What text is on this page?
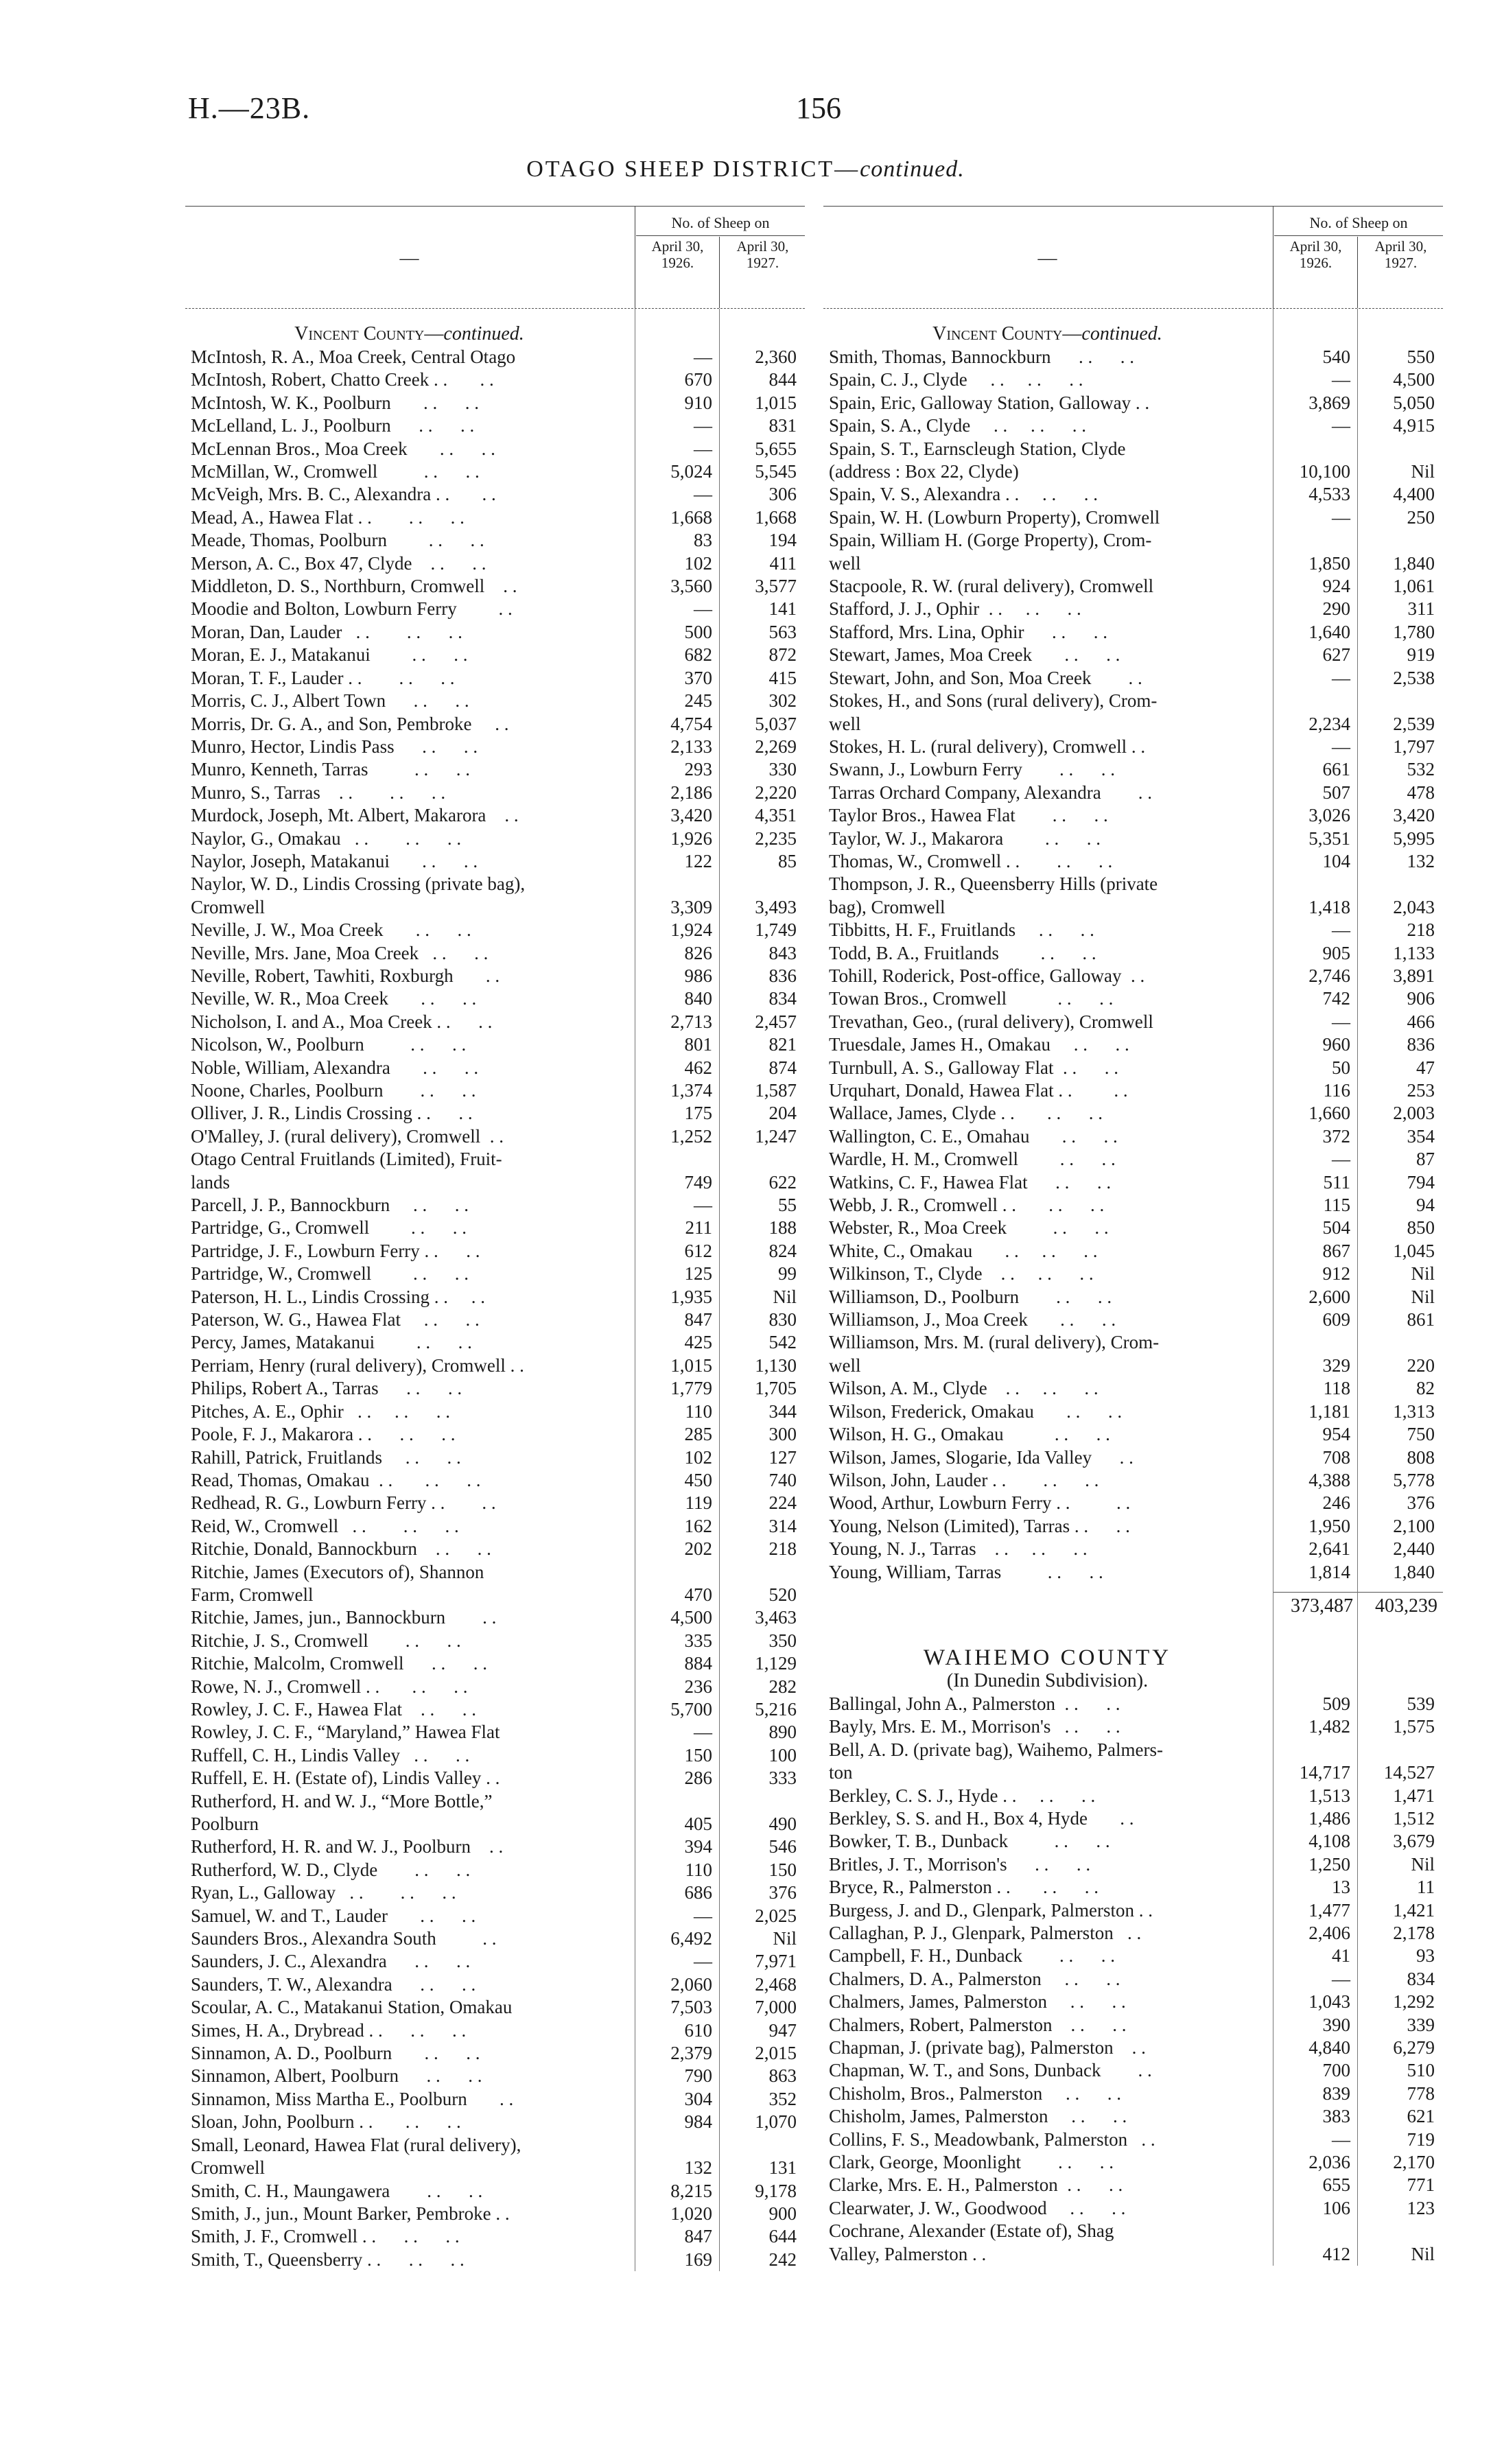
H.—23B.	156
OTAGO SHEEP DISTRICT—continued.
—
No. of Sheep on
April 30,
1926.
April 30,
1927.
Vincent County—continued.
McIntosh, R. A., Moa Creek, Central Otago	—	2,360
McIntosh, Robert, Chatto Creek . .       . .	670	844
McIntosh, W. K., Poolburn       . .      . .	910	1,015
McLelland, L. J., Poolburn      . .      . .	—	831
McLennan Bros., Moa Creek       . .      . .	—	5,655
McMillan, W., Cromwell          . .      . .	5,024	5,545
McVeigh, Mrs. B. C., Alexandra . .       . .	—	306
Mead, A., Hawea Flat . .        . .      . .	1,668	1,668
Meade, Thomas, Poolburn         . .      . .	83	194
Merson, A. C., Box 47, Clyde    . .      . .	102	411
Middleton, D. S., Northburn, Cromwell    . .	3,560	3,577
Moodie and Bolton, Lowburn Ferry         . .	—	141
Moran, Dan, Lauder   . .        . .      . .	500	563
Moran, E. J., Matakanui         . .      . .	682	872
Moran, T. F., Lauder . .        . .      . .	370	415
Morris, C. J., Albert Town      . .      . .	245	302
Morris, Dr. G. A., and Son, Pembroke     . .	4,754	5,037
Munro, Hector, Lindis Pass      . .      . .	2,133	2,269
Munro, Kenneth, Tarras          . .      . .	293	330
Munro, S., Tarras    . .        . .      . .	2,186	2,220
Murdock, Joseph, Mt. Albert, Makarora    . .	3,420	4,351
Naylor, G., Omakau   . .        . .      . .	1,926	2,235
Naylor, Joseph, Matakanui       . .      . .	122	85
Naylor, W. D., Lindis Crossing (private bag),
Cromwell	3,309	3,493
Neville, J. W., Moa Creek       . .      . .	1,924	1,749
Neville, Mrs. Jane, Moa Creek   . .      . .	826	843
Neville, Robert, Tawhiti, Roxburgh       . .	986	836
Neville, W. R., Moa Creek       . .      . .	840	834
Nicholson, I. and A., Moa Creek . .      . .	2,713	2,457
Nicolson, W., Poolburn          . .      . .	801	821
Noble, William, Alexandra       . .      . .	462	874
Noone, Charles, Poolburn        . .      . .	1,374	1,587
Olliver, J. R., Lindis Crossing . .      . .	175	204
O'Malley, J. (rural delivery), Cromwell  . .	1,252	1,247
Otago Central Fruitlands (Limited), Fruit-
lands	749	622
Parcell, J. P., Bannockburn     . .      . .	—	55
Partridge, G., Cromwell         . .      . .	211	188
Partridge, J. F., Lowburn Ferry . .      . .	612	824
Partridge, W., Cromwell         . .      . .	125	99
Paterson, H. L., Lindis Crossing . .     . .	1,935	Nil
Paterson, W. G., Hawea Flat     . .      . .	847	830
Percy, James, Matakanui         . .      . .	425	542
Perriam, Henry (rural delivery), Cromwell . .	1,015	1,130
Philips, Robert A., Tarras      . .      . .	1,779	1,705
Pitches, A. E., Ophir   . .     . .      . .	110	344
Poole, F. J., Makarora . .      . .      . .	285	300
Rahill, Patrick, Fruitlands     . .      . .	102	127
Read, Thomas, Omakau  . .       . .      . .	450	740
Redhead, R. G., Lowburn Ferry . .        . .	119	224
Reid, W., Cromwell   . .        . .      . .	162	314
Ritchie, Donald, Bannockburn    . .      . .	202	218
Ritchie, James (Executors of), Shannon
Farm, Cromwell	470	520
Ritchie, James, jun., Bannockburn        . .	4,500	3,463
Ritchie, J. S., Cromwell        . .      . .	335	350
Ritchie, Malcolm, Cromwell      . .      . .	884	1,129
Rowe, N. J., Cromwell . .       . .      . .	236	282
Rowley, J. C. F., Hawea Flat    . .      . .	5,700	5,216
Rowley, J. C. F., “Maryland,” Hawea Flat	—	890
Ruffell, C. H., Lindis Valley   . .      . .	150	100
Ruffell, E. H. (Estate of), Lindis Valley . .	286	333
Rutherford, H. and W. J., “More Bottle,”
Poolburn	405	490
Rutherford, H. R. and W. J., Poolburn    . .	394	546
Rutherford, W. D., Clyde        . .      . .	110	150
Ryan, L., Galloway   . .        . .      . .	686	376
Samuel, W. and T., Lauder       . .      . .	—	2,025
Saunders Bros., Alexandra South          . .	6,492	Nil
Saunders, J. C., Alexandra      . .      . .	—	7,971
Saunders, T. W., Alexandra      . .      . .	2,060	2,468
Scoular, A. C., Matakanui Station, Omakau	7,503	7,000
Simes, H. A., Drybread . .      . .      . .	610	947
Sinnamon, A. D., Poolburn       . .      . .	2,379	2,015
Sinnamon, Albert, Poolburn      . .      . .	790	863
Sinnamon, Miss Martha E., Poolburn       . .	304	352
Sloan, John, Poolburn . .       . .      . .	984	1,070
Small, Leonard, Hawea Flat (rural delivery),
Cromwell	132	131
Smith, C. H., Maungawera        . .      . .	8,215	9,178
Smith, J., jun., Mount Barker, Pembroke . .	1,020	900
Smith, J. F., Cromwell . .      . .      . .	847	644
Smith, T., Queensberry . .      . .      . .	169	242
—
No. of Sheep on
April 30,
1926.
April 30,
1927.
Vincent County—continued.
Smith, Thomas, Bannockburn      . .      . .	540	550
Spain, C. J., Clyde     . .     . .      . .	—	4,500
Spain, Eric, Galloway Station, Galloway . .	3,869	5,050
Spain, S. A., Clyde     . .     . .      . .	—	4,915
Spain, S. T., Earnscleugh Station, Clyde
(address : Box 22, Clyde)	10,100	Nil
Spain, V. S., Alexandra . .     . .      . .	4,533	4,400
Spain, W. H. (Lowburn Property), Cromwell	—	250
Spain, William H. (Gorge Property), Crom-
well	1,850	1,840
Stacpoole, R. W. (rural delivery), Cromwell	924	1,061
Stafford, J. J., Ophir  . .     . .      . .	290	311
Stafford, Mrs. Lina, Ophir      . .      . .	1,640	1,780
Stewart, James, Moa Creek       . .      . .	627	919
Stewart, John, and Son, Moa Creek        . .	—	2,538
Stokes, H., and Sons (rural delivery), Crom-
well	2,234	2,539
Stokes, H. L. (rural delivery), Cromwell . .	—	1,797
Swann, J., Lowburn Ferry        . .      . .	661	532
Tarras Orchard Company, Alexandra        . .	507	478
Taylor Bros., Hawea Flat        . .      . .	3,026	3,420
Taylor, W. J., Makarora         . .      . .	5,351	5,995
Thomas, W., Cromwell . .        . .      . .	104	132
Thompson, J. R., Queensberry Hills (private
bag), Cromwell	1,418	2,043
Tibbitts, H. F., Fruitlands     . .      . .	—	218
Todd, B. A., Fruitlands         . .      . .	905	1,133
Tohill, Roderick, Post-office, Galloway  . .	2,746	3,891
Towan Bros., Cromwell           . .      . .	742	906
Trevathan, Geo., (rural delivery), Cromwell	—	466
Truesdale, James H., Omakau     . .      . .	960	836
Turnbull, A. S., Galloway Flat  . .      . .	50	47
Urquhart, Donald, Hawea Flat . .         . .	116	253
Wallace, James, Clyde . .       . .      . .	1,660	2,003
Wallington, C. E., Omahau       . .      . .	372	354
Wardle, H. M., Cromwell         . .      . .	—	87
Watkins, C. F., Hawea Flat      . .      . .	511	794
Webb, J. R., Cromwell . .       . .      . .	115	94
Webster, R., Moa Creek          . .      . .	504	850
White, C., Omakau       . .     . .      . .	867	1,045
Wilkinson, T., Clyde    . .     . .      . .	912	Nil
Williamson, D., Poolburn        . .      . .	2,600	Nil
Williamson, J., Moa Creek       . .      . .	609	861
Williamson, Mrs. M. (rural delivery), Crom-
well	329	220
Wilson, A. M., Clyde    . .     . .      . .	118	82
Wilson, Frederick, Omakau       . .      . .	1,181	1,313
Wilson, H. G., Omakau           . .      . .	954	750
Wilson, James, Slogarie, Ida Valley      . .	708	808
Wilson, John, Lauder . .        . .      . .	4,388	5,778
Wood, Arthur, Lowburn Ferry . .          . .	246	376
Young, Nelson (Limited), Tarras . .      . .	1,950	2,100
Young, N. J., Tarras    . .     . .      . .	2,641	2,440
Young, William, Tarras          . .      . .	1,814	1,840
373,487	403,239
WAIHEMO COUNTY
(In Dunedin Subdivision).
Ballingal, John A., Palmerston  . .      . .	509	539
Bayly, Mrs. E. M., Morrison's   . .      . .	1,482	1,575
Bell, A. D. (private bag), Waihemo, Palmers-
ton	14,717	14,527
Berkley, C. S. J., Hyde . .     . .      . .	1,513	1,471
Berkley, S. S. and H., Box 4, Hyde       . .	1,486	1,512
Bowker, T. B., Dunback          . .      . .	4,108	3,679
Britles, J. T., Morrison's      . .      . .	1,250	Nil
Bryce, R., Palmerston . .       . .      . .	13	11
Burgess, J. and D., Glenpark, Palmerston . .	1,477	1,421
Callaghan, P. J., Glenpark, Palmerston   . .	2,406	2,178
Campbell, F. H., Dunback        . .      . .	41	93
Chalmers, D. A., Palmerston     . .      . .	—	834
Chalmers, James, Palmerston     . .      . .	1,043	1,292
Chalmers, Robert, Palmerston    . .      . .	390	339
Chapman, J. (private bag), Palmerston    . .	4,840	6,279
Chapman, W. T., and Sons, Dunback        . .	700	510
Chisholm, Bros., Palmerston     . .      . .	839	778
Chisholm, James, Palmerston     . .      . .	383	621
Collins, F. S., Meadowbank, Palmerston   . .	—	719
Clark, George, Moonlight        . .      . .	2,036	2,170
Clarke, Mrs. E. H., Palmerston  . .      . .	655	771
Clearwater, J. W., Goodwood     . .      . .	106	123
Cochrane, Alexander (Estate of), Shag
Valley, Palmerston . .	412	Nil
